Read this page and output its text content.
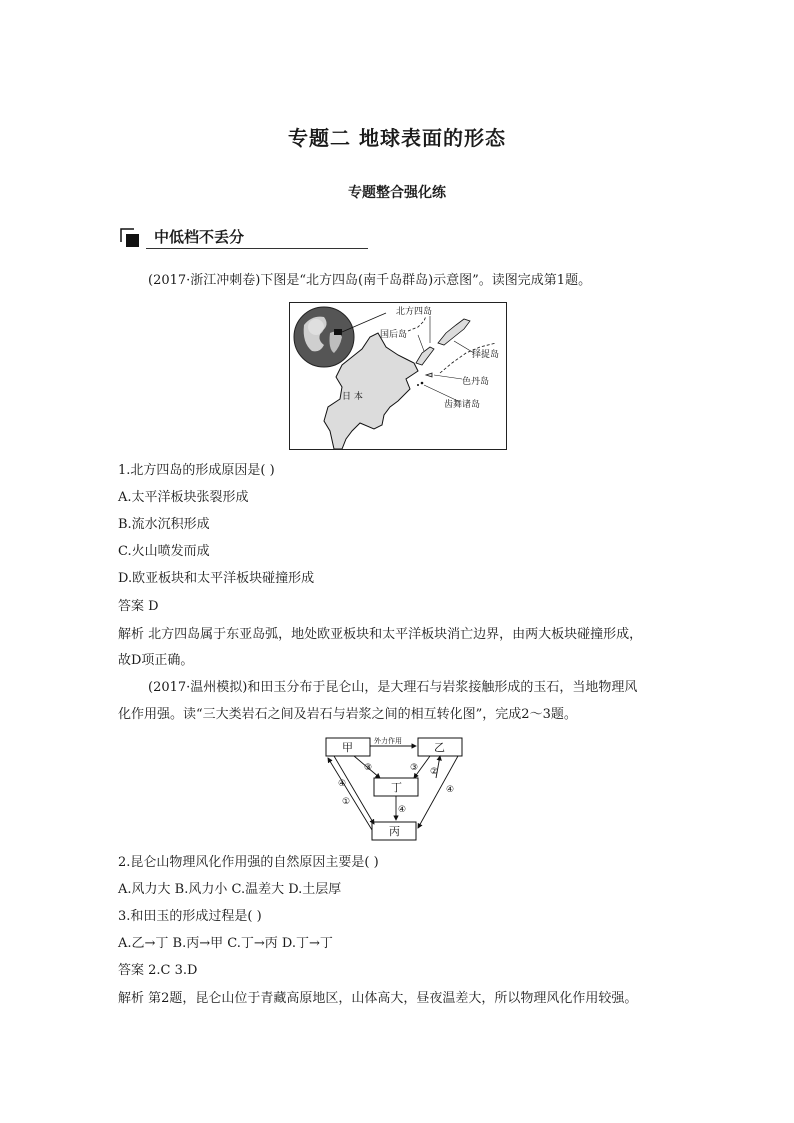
专题二 地球表面的形态
专题整合强化练
中低档不丢分
(2017·浙江冲刺卷)下图是“北方四岛(南千岛群岛)示意图”。读图完成第1题。
北方四岛
国后岛
择捉岛
色丹岛
齿舞诸岛
日 本
1.北方四岛的形成原因是( )
A.太平洋板块张裂形成
B.流水沉积形成
C.火山喷发而成
D.欧亚板块和太平洋板块碰撞形成
答案 D
解析 北方四岛属于东亚岛弧，地处欧亚板块和太平洋板块消亡边界，由两大板块碰撞形成，
故D项正确。
(2017·温州模拟)和田玉分布于昆仑山，是大理石与岩浆接触形成的玉石，当地物理风
化作用强。读“三大类岩石之间及岩石与岩浆之间的相互转化图”，完成2～3题。
甲	乙
丁
丙
外力作用
③	③ ②
④
④
④
①
2.昆仑山物理风化作用强的自然原因主要是( )
A.风力大 B.风力小 C.温差大 D.土层厚
3.和田玉的形成过程是( )
A.乙→丁 B.丙→甲 C.丁→丙 D.丁→丁
答案 2.C 3.D
解析 第2题，昆仑山位于青藏高原地区，山体高大，昼夜温差大，所以物理风化作用较强。
